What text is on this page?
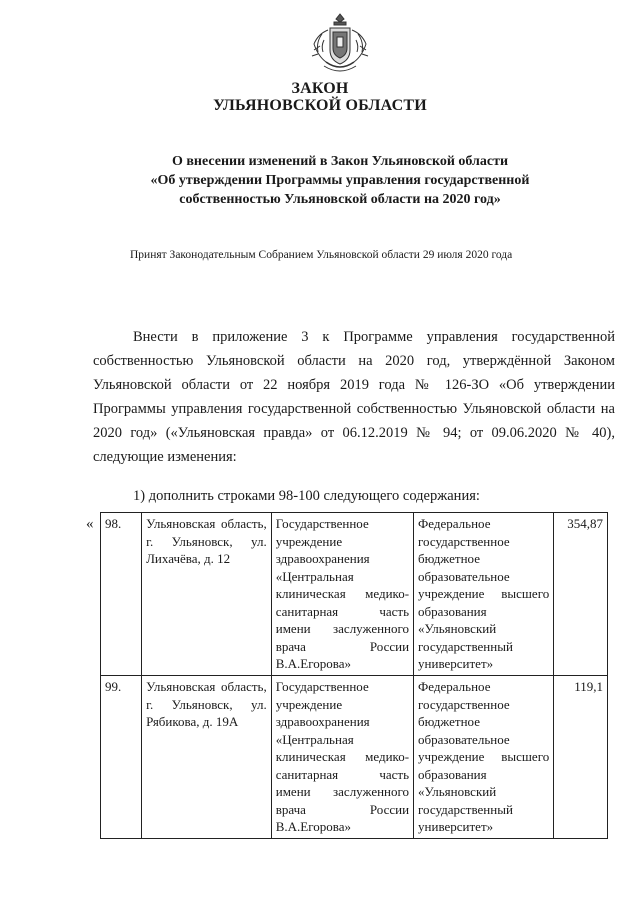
ЗАКОН
УЛЬЯНОВСКОЙ ОБЛАСТИ
О внесении изменений в Закон Ульяновской области
«Об утверждении Программы управления государственной
собственностью Ульяновской области на 2020 год»
Принят Законодательным Собранием Ульяновской области 29 июля 2020 года

Внести в приложение 3 к Программе управления государственной собственностью Ульяновской области на 2020 год, утверждённой Законом Ульяновской области от 22 ноября 2019 года № 126-ЗО «Об утверждении Программы управления государственной собственностью Ульяновской области на 2020 год» («Ульяновская правда» от 06.12.2019 № 94; от 09.06.2020 № 40), следующие изменения:

1) дополнить строками 98-100 следующего содержания:
« 98.	Ульяновская область, г. Ульяновск, ул. Лихачёва, д. 12	Государственное учреждение здравоохранения «Центральная клиническая медико-санитарная часть имени заслуженного врача России В.А.Егорова»	Федеральное государственное бюджетное образовательное учреждение высшего образования «Ульяновский государственный университет»	354,87
99.	Ульяновская область, г. Ульяновск, ул. Рябикова, д. 19А	Государственное учреждение здравоохранения «Центральная клиническая медико-санитарная часть имени заслуженного врача России В.А.Егорова»	Федеральное государственное бюджетное образовательное учреждение высшего образования «Ульяновский государственный университет»	119,1
